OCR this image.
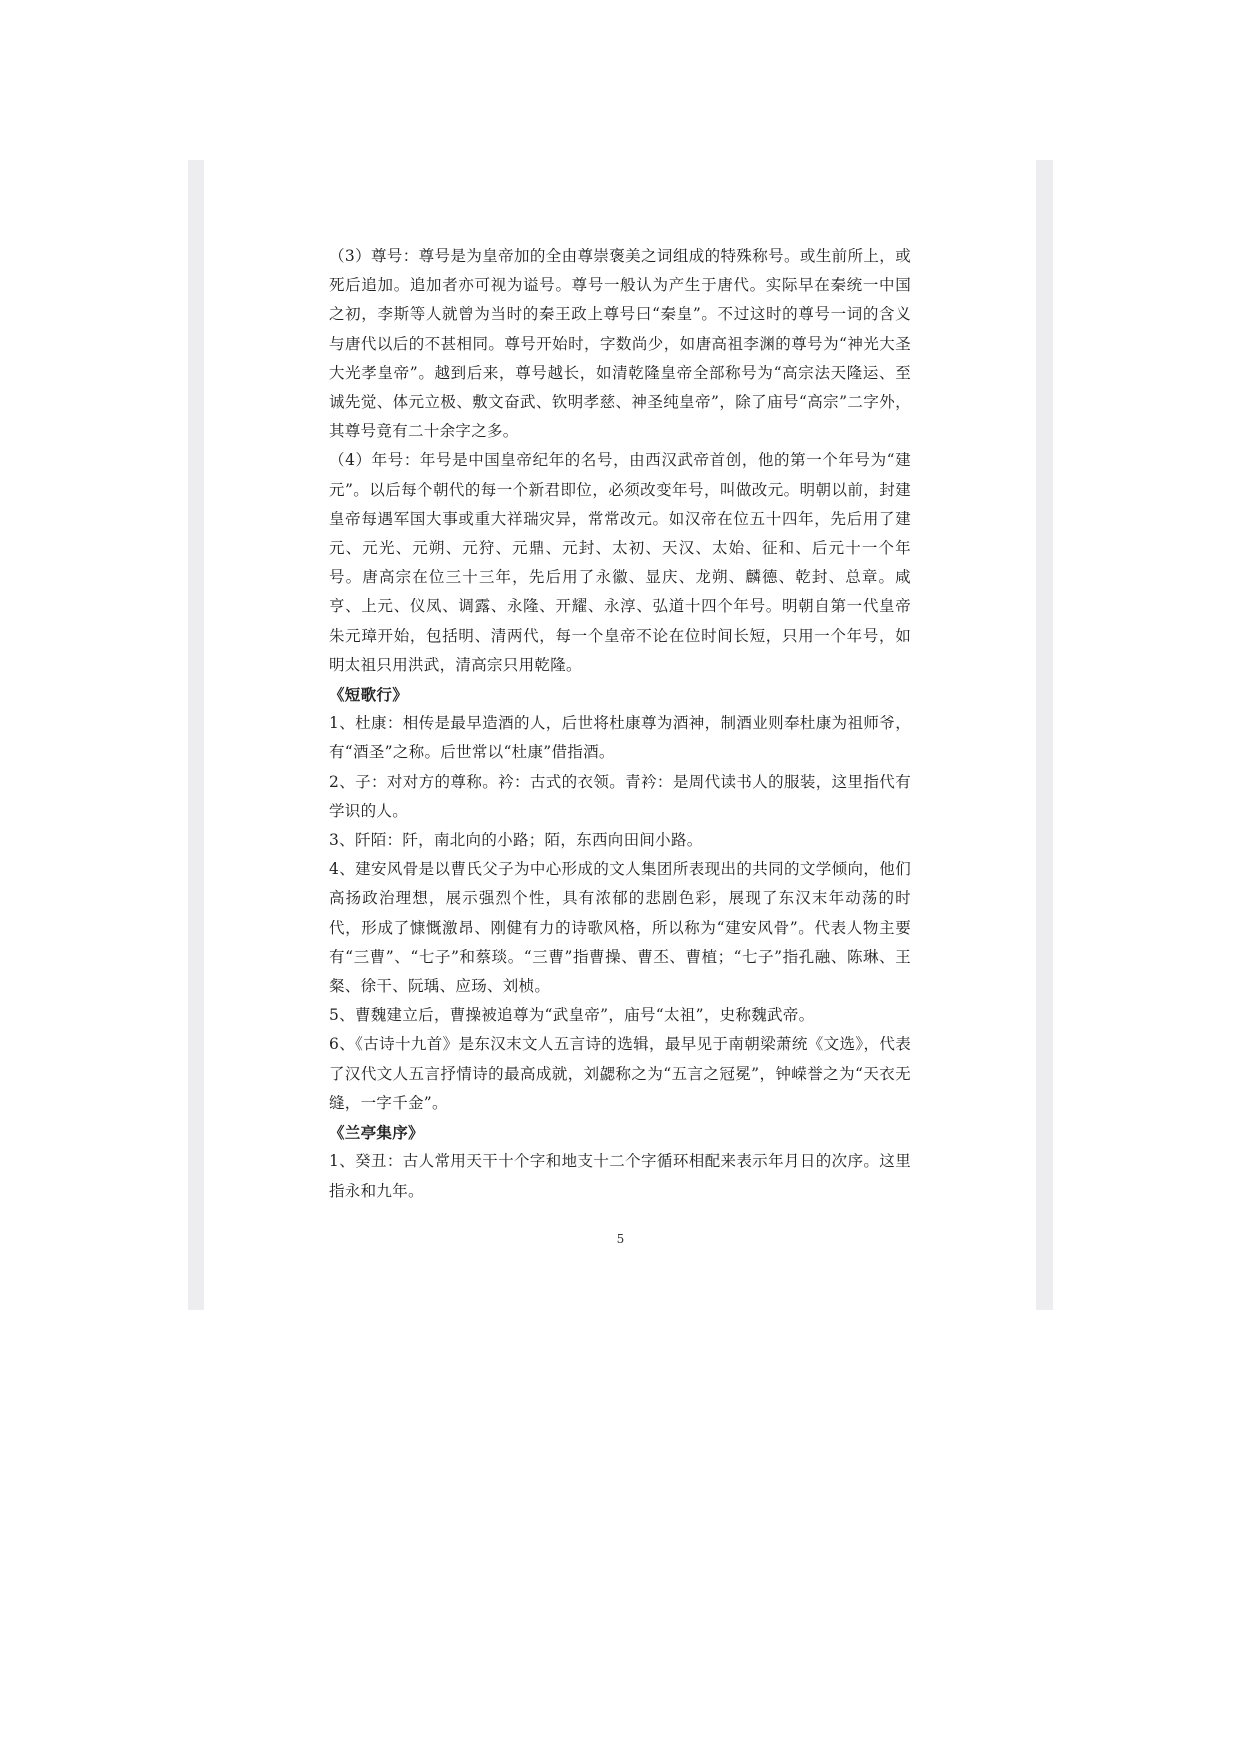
（3）尊号：尊号是为皇帝加的全由尊崇褒美之词组成的特殊称号。或生前所上，或死后追加。追加者亦可视为谥号。尊号一般认为产生于唐代。实际早在秦统一中国之初，李斯等人就曾为当时的秦王政上尊号曰“秦皇”。不过这时的尊号一词的含义与唐代以后的不甚相同。尊号开始时，字数尚少，如唐高祖李渊的尊号为“神光大圣大光孝皇帝”。越到后来，尊号越长，如清乾隆皇帝全部称号为“高宗法天隆运、至诚先觉、体元立极、敷文奋武、钦明孝慈、神圣纯皇帝”，除了庙号“高宗”二字外，其尊号竟有二十余字之多。

（4）年号：年号是中国皇帝纪年的名号，由西汉武帝首创，他的第一个年号为“建元”。以后每个朝代的每一个新君即位，必须改变年号，叫做改元。明朝以前，封建皇帝每遇军国大事或重大祥瑞灾异，常常改元。如汉帝在位五十四年，先后用了建元、元光、元朔、元狩、元鼎、元封、太初、天汉、太始、征和、后元十一个年号。唐高宗在位三十三年，先后用了永徽、显庆、龙朔、麟德、乾封、总章。咸亨、上元、仪凤、调露、永隆、开耀、永淳、弘道十四个年号。明朝自第一代皇帝朱元璋开始，包括明、清两代，每一个皇帝不论在位时间长短，只用一个年号，如明太祖只用洪武，清高宗只用乾隆。

《短歌行》

1、杜康：相传是最早造酒的人，后世将杜康尊为酒神，制酒业则奉杜康为祖师爷，有“酒圣”之称。后世常以“杜康”借指酒。

2、子：对对方的尊称。衿：古式的衣领。青衿：是周代读书人的服装，这里指代有学识的人。

3、阡陌：阡，南北向的小路；陌，东西向田间小路。

4、建安风骨是以曹氏父子为中心形成的文人集团所表现出的共同的文学倾向，他们高扬政治理想，展示强烈个性，具有浓郁的悲剧色彩，展现了东汉末年动荡的时代，形成了慷慨激昂、刚健有力的诗歌风格，所以称为“建安风骨”。代表人物主要有“三曹”、“七子”和蔡琰。“三曹”指曹操、曹丕、曹植；“七子”指孔融、陈琳、王粲、徐干、阮瑀、应玚、刘桢。

5、曹魏建立后，曹操被追尊为“武皇帝”，庙号“太祖”，史称魏武帝。

6、《古诗十九首》是东汉末文人五言诗的选辑，最早见于南朝梁萧统《文选》，代表了汉代文人五言抒情诗的最高成就，刘勰称之为“五言之冠冕”，钟嵘誉之为“天衣无缝，一字千金”。

《兰亭集序》

1、癸丑：古人常用天干十个字和地支十二个字循环相配来表示年月日的次序。这里指永和九年。

5
